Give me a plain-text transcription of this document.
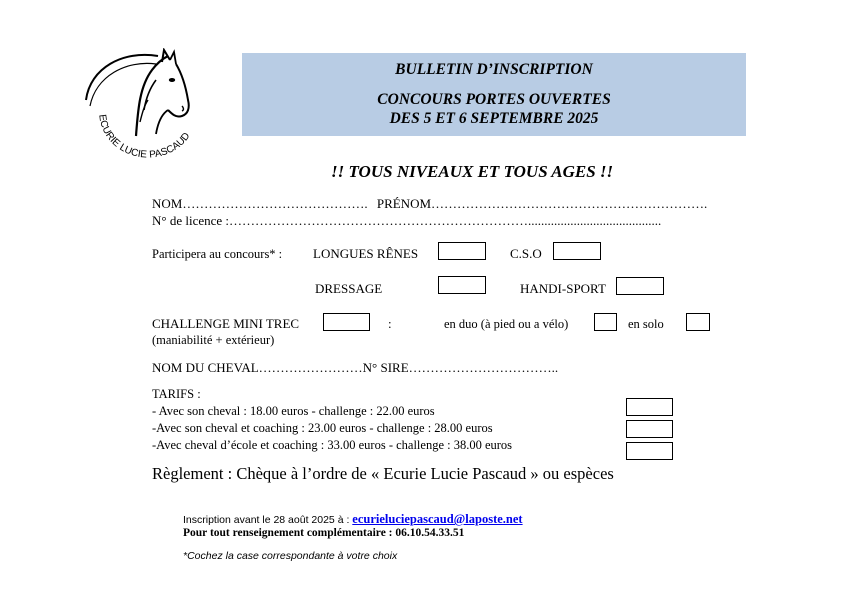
ECURIE LUCIE PASCAUD
BULLETIN D’INSCRIPTION
CONCOURS PORTES OUVERTES
DES 5 ET 6 SEPTEMBRE 2025
!! TOUS NIVEAUX ET TOUS AGES !!
NOM……………………………………. PRÉNOM……………………………………………………….
N° de licence :…………………………………………………………….........................................
Participera au concours* : LONGUES RÊNES	C.S.O
DRESSAGE	HANDI-SPORT
CHALLENGE MINI TREC	:	en duo (à pied ou a vélo)	en solo
(maniabilité + extérieur)
NOM DU CHEVAL……………………N° SIRE……………………………..
TARIFS :
- Avec son cheval : 18.00 euros - challenge : 22.00 euros
-Avec son cheval et coaching : 23.00 euros - challenge : 28.00 euros
-Avec cheval d’école et coaching : 33.00 euros - challenge : 38.00 euros
Règlement : Chèque à l’ordre de « Ecurie Lucie Pascaud » ou espèces
Inscription avant le 28 août 2025 à : ecurieluciepascaud@laposte.net
Pour tout renseignement complémentaire : 06.10.54.33.51
*Cochez la case correspondante à votre choix
